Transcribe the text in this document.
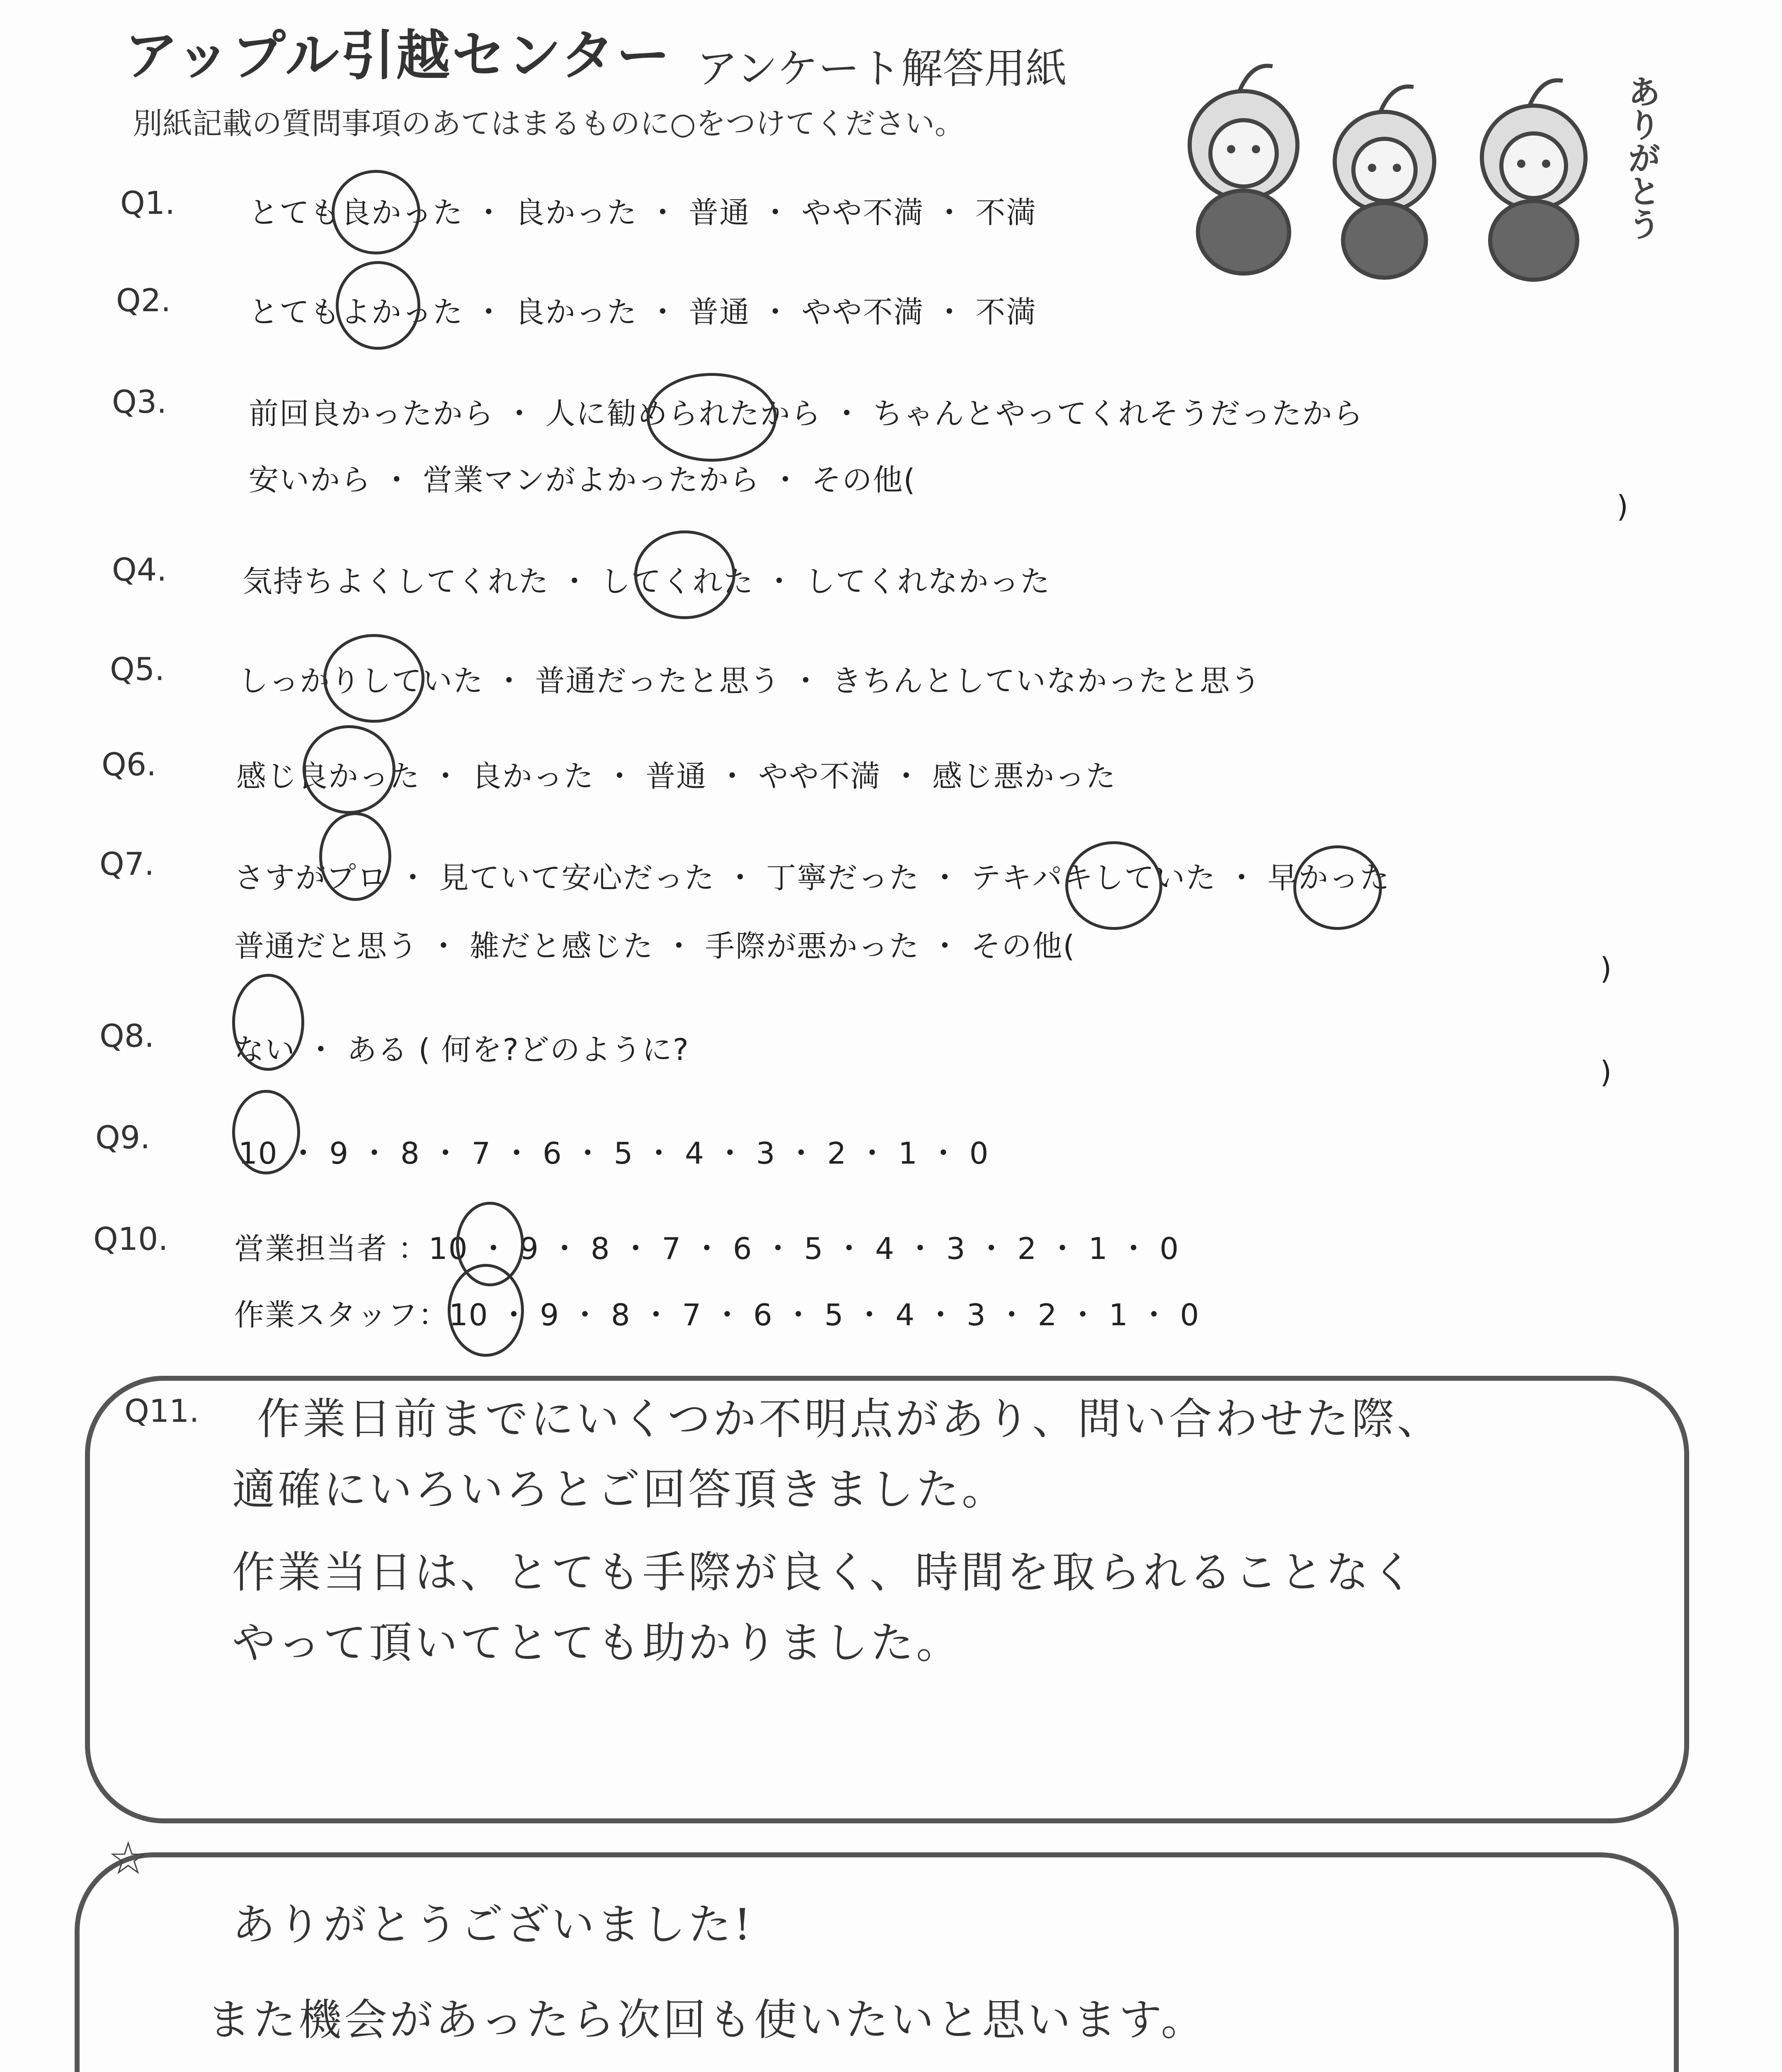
アップル引越センター アンケート解答用紙
別紙記載の質問事項のあてはまるものに○をつけてください。	ありがとう
Q1. とても良かった ・ 良かった ・ 普通 ・ やや不満 ・ 不満
Q2.	とてもよかった ・ 良かった ・ 普通 ・ やや不満 ・ 不満
Q3.	前回良かったから ・ 人に勧められたから ・ ちゃんとやってくれそうだったから
安いから ・ 営業マンがよかったから ・ その他(
)
Q4.	気持ちよくしてくれた ・ してくれた ・ してくれなかった
Q5. しっかりしていた ・ 普通だったと思う ・ きちんとしていなかったと思う
Q6.	感じ良かった ・ 良かった ・ 普通 ・ やや不満 ・ 感じ悪かった
Q7.	さすがプロ ・ 見ていて安心だった ・ 丁寧だった ・ テキパキしていた ・ 早かった
普通だと思う ・ 雑だと感じた ・ 手際が悪かった ・ その他(
)
Q8.	ない ・ ある ( 何を?どのように?
)
Q9.	10 ・ 9 ・ 8 ・ 7 ・ 6 ・ 5 ・ 4 ・ 3 ・ 2 ・ 1 ・ 0
Q10. 営業担当者 ：10 ・ 9 ・ 8 ・ 7 ・ 6 ・ 5 ・ 4 ・ 3 ・ 2 ・ 1 ・ 0
作業スタッフ：10 ・ 9 ・ 8 ・ 7 ・ 6 ・ 5 ・ 4 ・ 3 ・ 2 ・ 1 ・ 0
Q11. 作業日前までにいくつか不明点があり、問い合わせた際、
適確にいろいろとご回答頂きました。
作業当日は、とても手際が良く、時間を取られることなく
やって頂いてとても助かりました。
☆
ありがとうございました!
また機会があったら次回も使いたいと思います。
